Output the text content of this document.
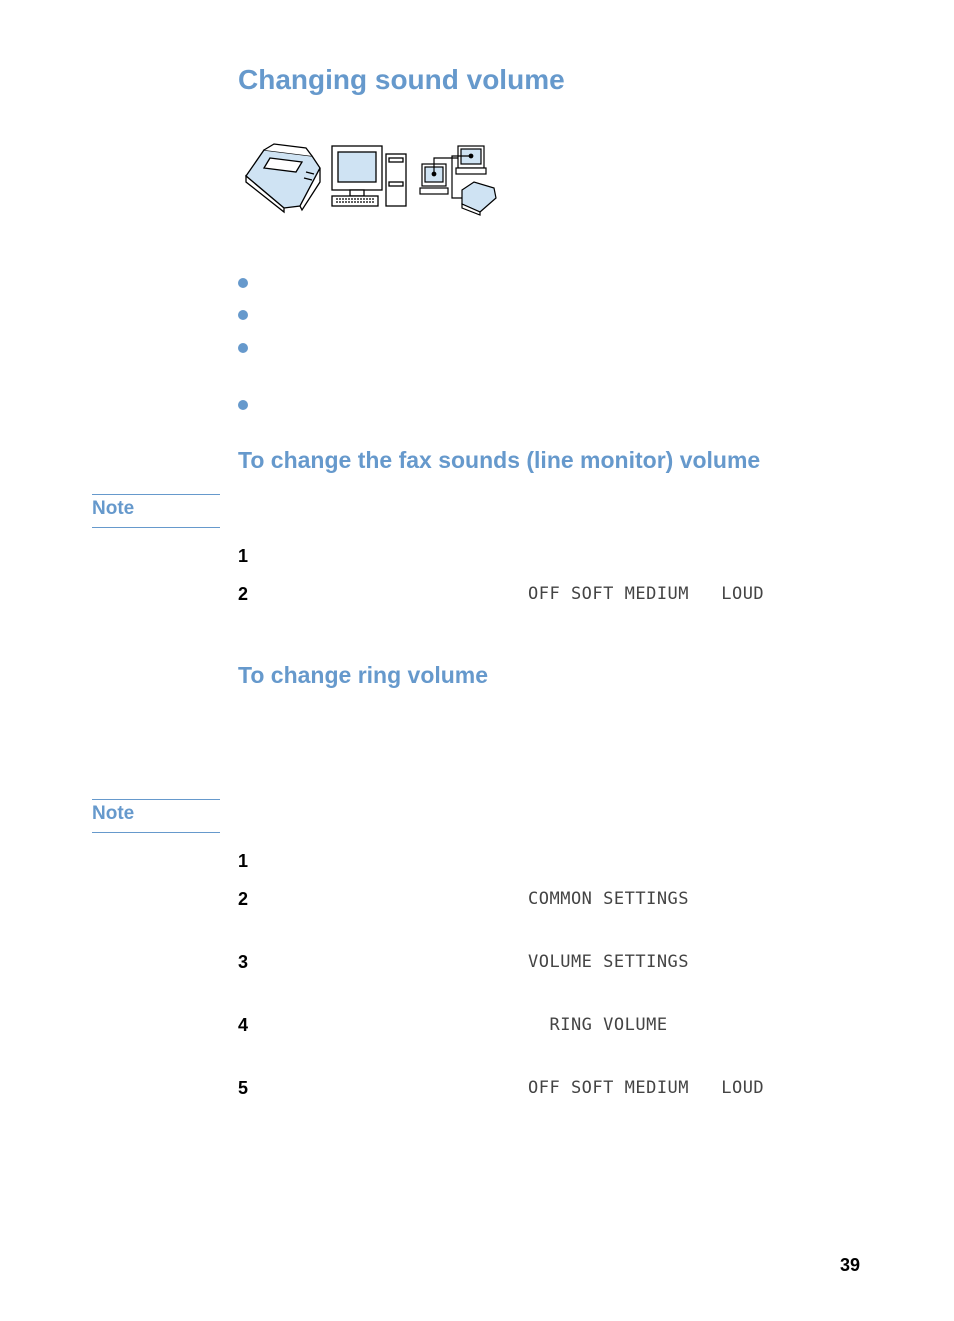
Changing sound volume
To change the fax sounds (line monitor) volume
Note
1
2	OFF SOFT MEDIUM   LOUD
To change ring volume
Note
1
2	COMMON SETTINGS
3	VOLUME SETTINGS
4	RING VOLUME
5	OFF SOFT MEDIUM   LOUD
39
